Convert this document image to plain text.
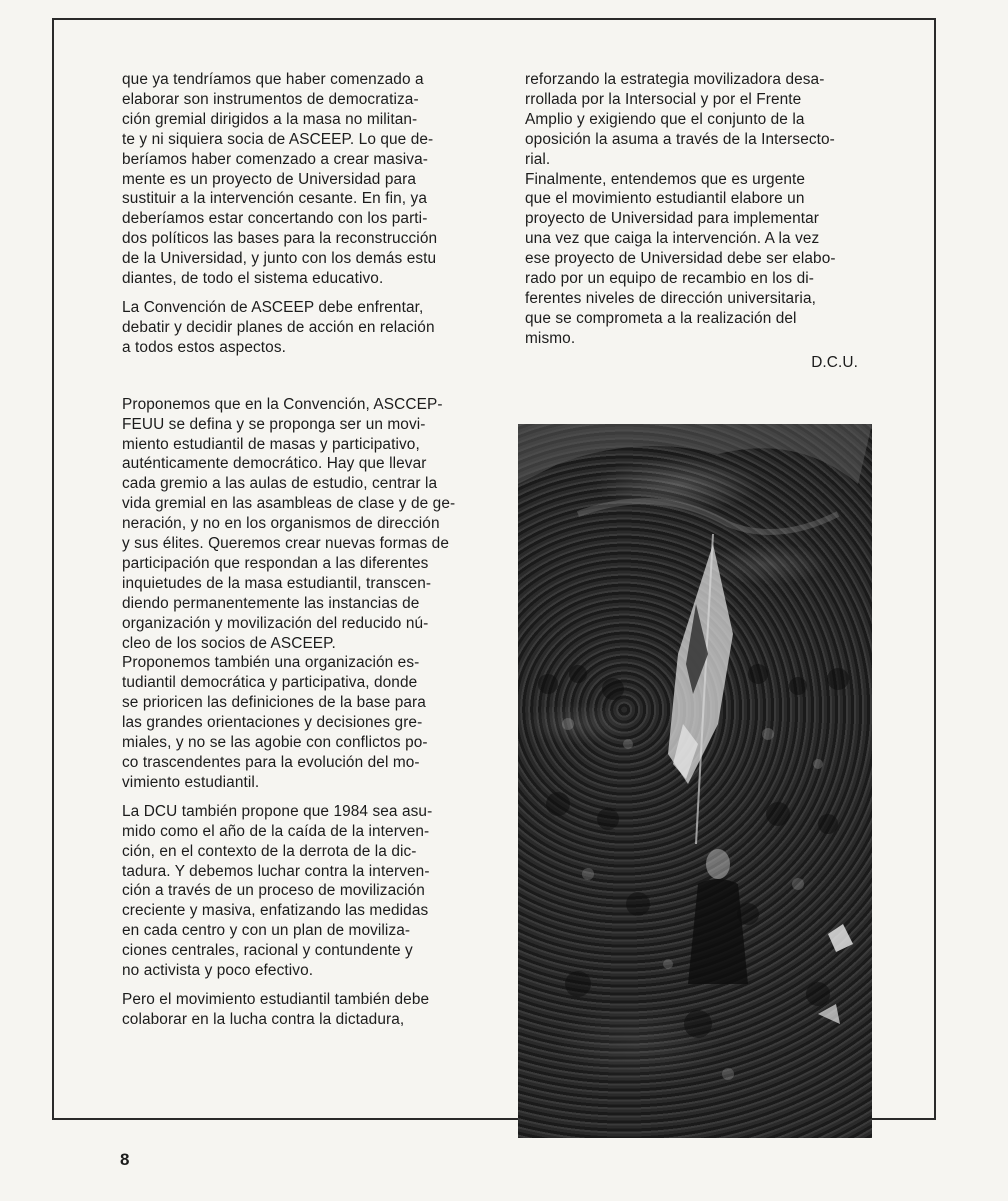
que ya tendríamos que haber comenzado a
elaborar son instrumentos de democratiza-
ción gremial dirigidos a la masa no militan-
te y ni siquiera socia de ASCEEP. Lo que de-
beríamos haber comenzado a crear masiva-
mente es un proyecto de Universidad para
sustituir a la intervención cesante. En fin, ya
deberíamos estar concertando con los parti-
dos políticos las bases para la reconstrucción
de la Universidad, y junto con los demás estu
diantes, de todo el sistema educativo.

La Convención de ASCEEP debe enfrentar,
debatir y decidir planes de acción en relación
a todos estos aspectos.

Proponemos que en la Convención, ASCCEP-
FEUU se defina y se proponga ser un movi-
miento estudiantil de masas y participativo,
auténticamente democrático. Hay que llevar
cada gremio a las aulas de estudio, centrar la
vida gremial en las asambleas de clase y de ge-
neración, y no en los organismos de dirección
y sus élites. Queremos crear nuevas formas de
participación que respondan a las diferentes
inquietudes de la masa estudiantil, transcen-
diendo permanentemente las instancias de
organización y movilización del reducido nú-
cleo de los socios de ASCEEP.

Proponemos también una organización es-
tudiantil democrática y participativa, donde
se prioricen las definiciones de la base para
las grandes orientaciones y decisiones gre-
miales, y no se las agobie con conflictos po-
co trascendentes para la evolución del mo-
vimiento estudiantil.

La DCU también propone que 1984 sea asu-
mido como el año de la caída de la interven-
ción, en el contexto de la derrota de la dic-
tadura. Y debemos luchar contra la interven-
ción a través de un proceso de movilización
creciente y masiva, enfatizando las medidas
en cada centro y con un plan de moviliza-
ciones centrales, racional y contundente y
no activista y poco efectivo.

Pero el movimiento estudiantil también debe
colaborar en la lucha contra la dictadura,

reforzando la estrategia movilizadora desa-
rrollada por la Intersocial y por el Frente
Amplio y exigiendo que el conjunto de la
oposición la asuma a través de la Intersecto-
rial.

Finalmente, entendemos que es urgente
que el movimiento estudiantil elabore un
proyecto de Universidad para implementar
una vez que caiga la intervención. A la vez
ese proyecto de Universidad debe ser elabo-
rado por un equipo de recambio en los di-
ferentes niveles de dirección universitaria,
que se comprometa a la realización del
mismo.

D.C.U.

8
